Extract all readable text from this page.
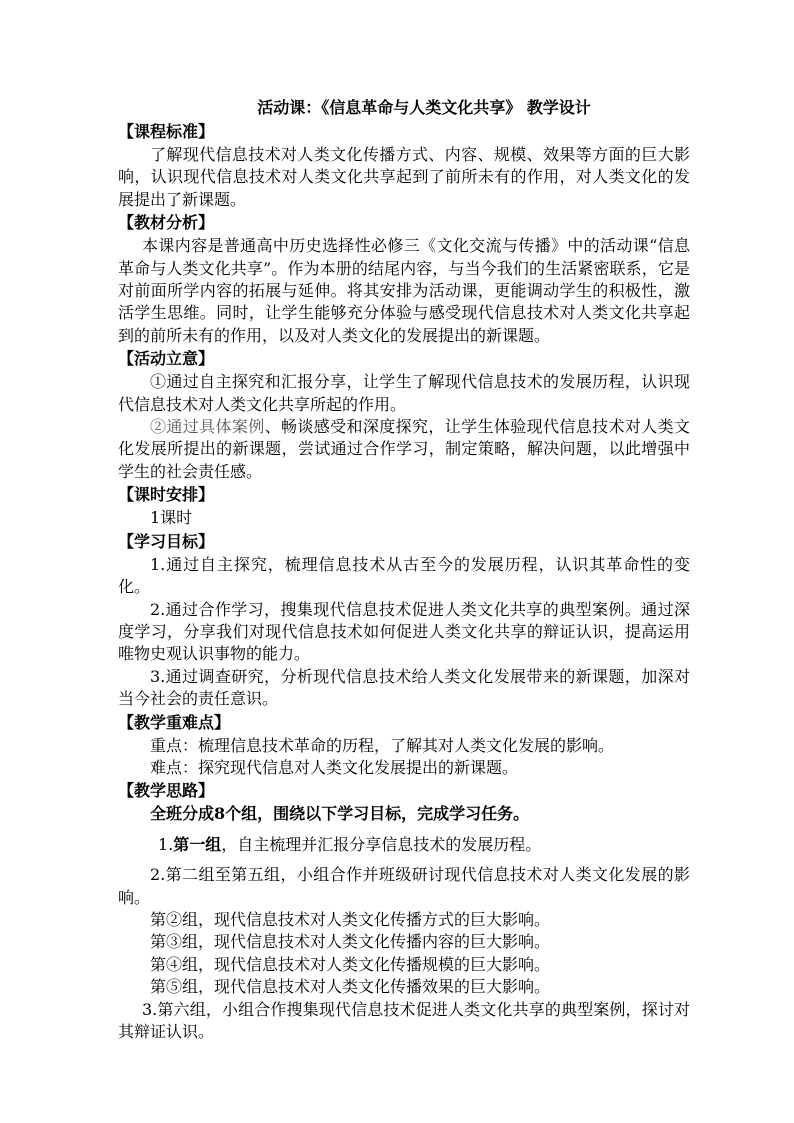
活动课：《信息革命与人类文化共享》 教学设计
【课程标准】

了解现代信息技术对人类文化传播方式、内容、规模、效果等方面的巨大影响，认识现代信息技术对人类文化共享起到了前所未有的作用，对人类文化的发展提出了新课题。

【教材分析】

本课内容是普通高中历史选择性必修三《文化交流与传播》中的活动课“信息革命与人类文化共享”。作为本册的结尾内容，与当今我们的生活紧密联系，它是对前面所学内容的拓展与延伸。将其安排为活动课，更能调动学生的积极性，激活学生思维。同时，让学生能够充分体验与感受现代信息技术对人类文化共享起到的前所未有的作用，以及对人类文化的发展提出的新课题。

【活动立意】

①通过自主探究和汇报分享，让学生了解现代信息技术的发展历程，认识现代信息技术对人类文化共享所起的作用。

②通过具体案例、畅谈感受和深度探究，让学生体验现代信息技术对人类文化发展所提出的新课题，尝试通过合作学习，制定策略，解决问题，以此增强中学生的社会责任感。

【课时安排】

1课时

【学习目标】

1.通过自主探究，梳理信息技术从古至今的发展历程，认识其革命性的变化。

2.通过合作学习，搜集现代信息技术促进人类文化共享的典型案例。通过深度学习，分享我们对现代信息技术如何促进人类文化共享的辩证认识，提高运用唯物史观认识事物的能力。

3.通过调查研究，分析现代信息技术给人类文化发展带来的新课题，加深对当今社会的责任意识。

【教学重难点】

重点：梳理信息技术革命的历程，了解其对人类文化发展的影响。

难点：探究现代信息对人类文化发展提出的新课题。

【教学思路】

全班分成8个组，围绕以下学习目标，完成学习任务。

1.第一组，自主梳理并汇报分享信息技术的发展历程。

2.第二组至第五组，小组合作并班级研讨现代信息技术对人类文化发展的影响。

第②组，现代信息技术对人类文化传播方式的巨大影响。

第③组，现代信息技术对人类文化传播内容的巨大影响。

第④组，现代信息技术对人类文化传播规模的巨大影响。

第⑤组，现代信息技术对人类文化传播效果的巨大影响。

3.第六组，小组合作搜集现代信息技术促进人类文化共享的典型案例，探讨对其辩证认识。
